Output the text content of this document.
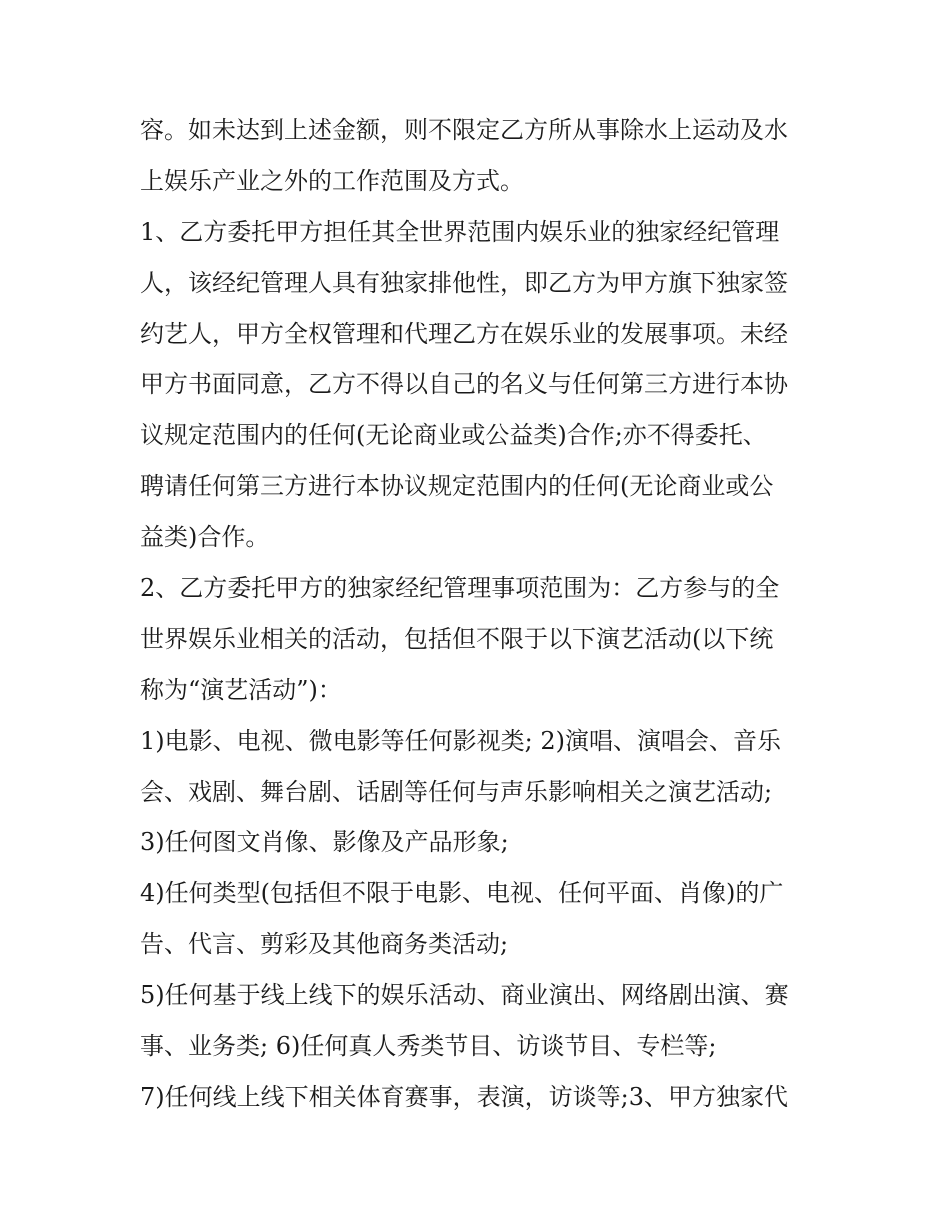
容。如未达到上述金额，则不限定乙方所从事除水上运动及水
上娱乐产业之外的工作范围及方式。
1、乙方委托甲方担任其全世界范围内娱乐业的独家经纪管理
人，该经纪管理人具有独家排他性，即乙方为甲方旗下独家签
约艺人，甲方全权管理和代理乙方在娱乐业的发展事项。未经
甲方书面同意，乙方不得以自己的名义与任何第三方进行本协
议规定范围内的任何(无论商业或公益类)合作;亦不得委托、
聘请任何第三方进行本协议规定范围内的任何(无论商业或公
益类)合作。
2、乙方委托甲方的独家经纪管理事项范围为：乙方参与的全
世界娱乐业相关的活动，包括但不限于以下演艺活动(以下统
称为“演艺活动”)：
1)电影、电视、微电影等任何影视类; 2)演唱、演唱会、音乐
会、戏剧、舞台剧、话剧等任何与声乐影响相关之演艺活动;
3)任何图文肖像、影像及产品形象;
4)任何类型(包括但不限于电影、电视、任何平面、肖像)的广
告、代言、剪彩及其他商务类活动;
5)任何基于线上线下的娱乐活动、商业演出、网络剧出演、赛
事、业务类; 6)任何真人秀类节目、访谈节目、专栏等;
7)任何线上线下相关体育赛事，表演，访谈等;3、甲方独家代
